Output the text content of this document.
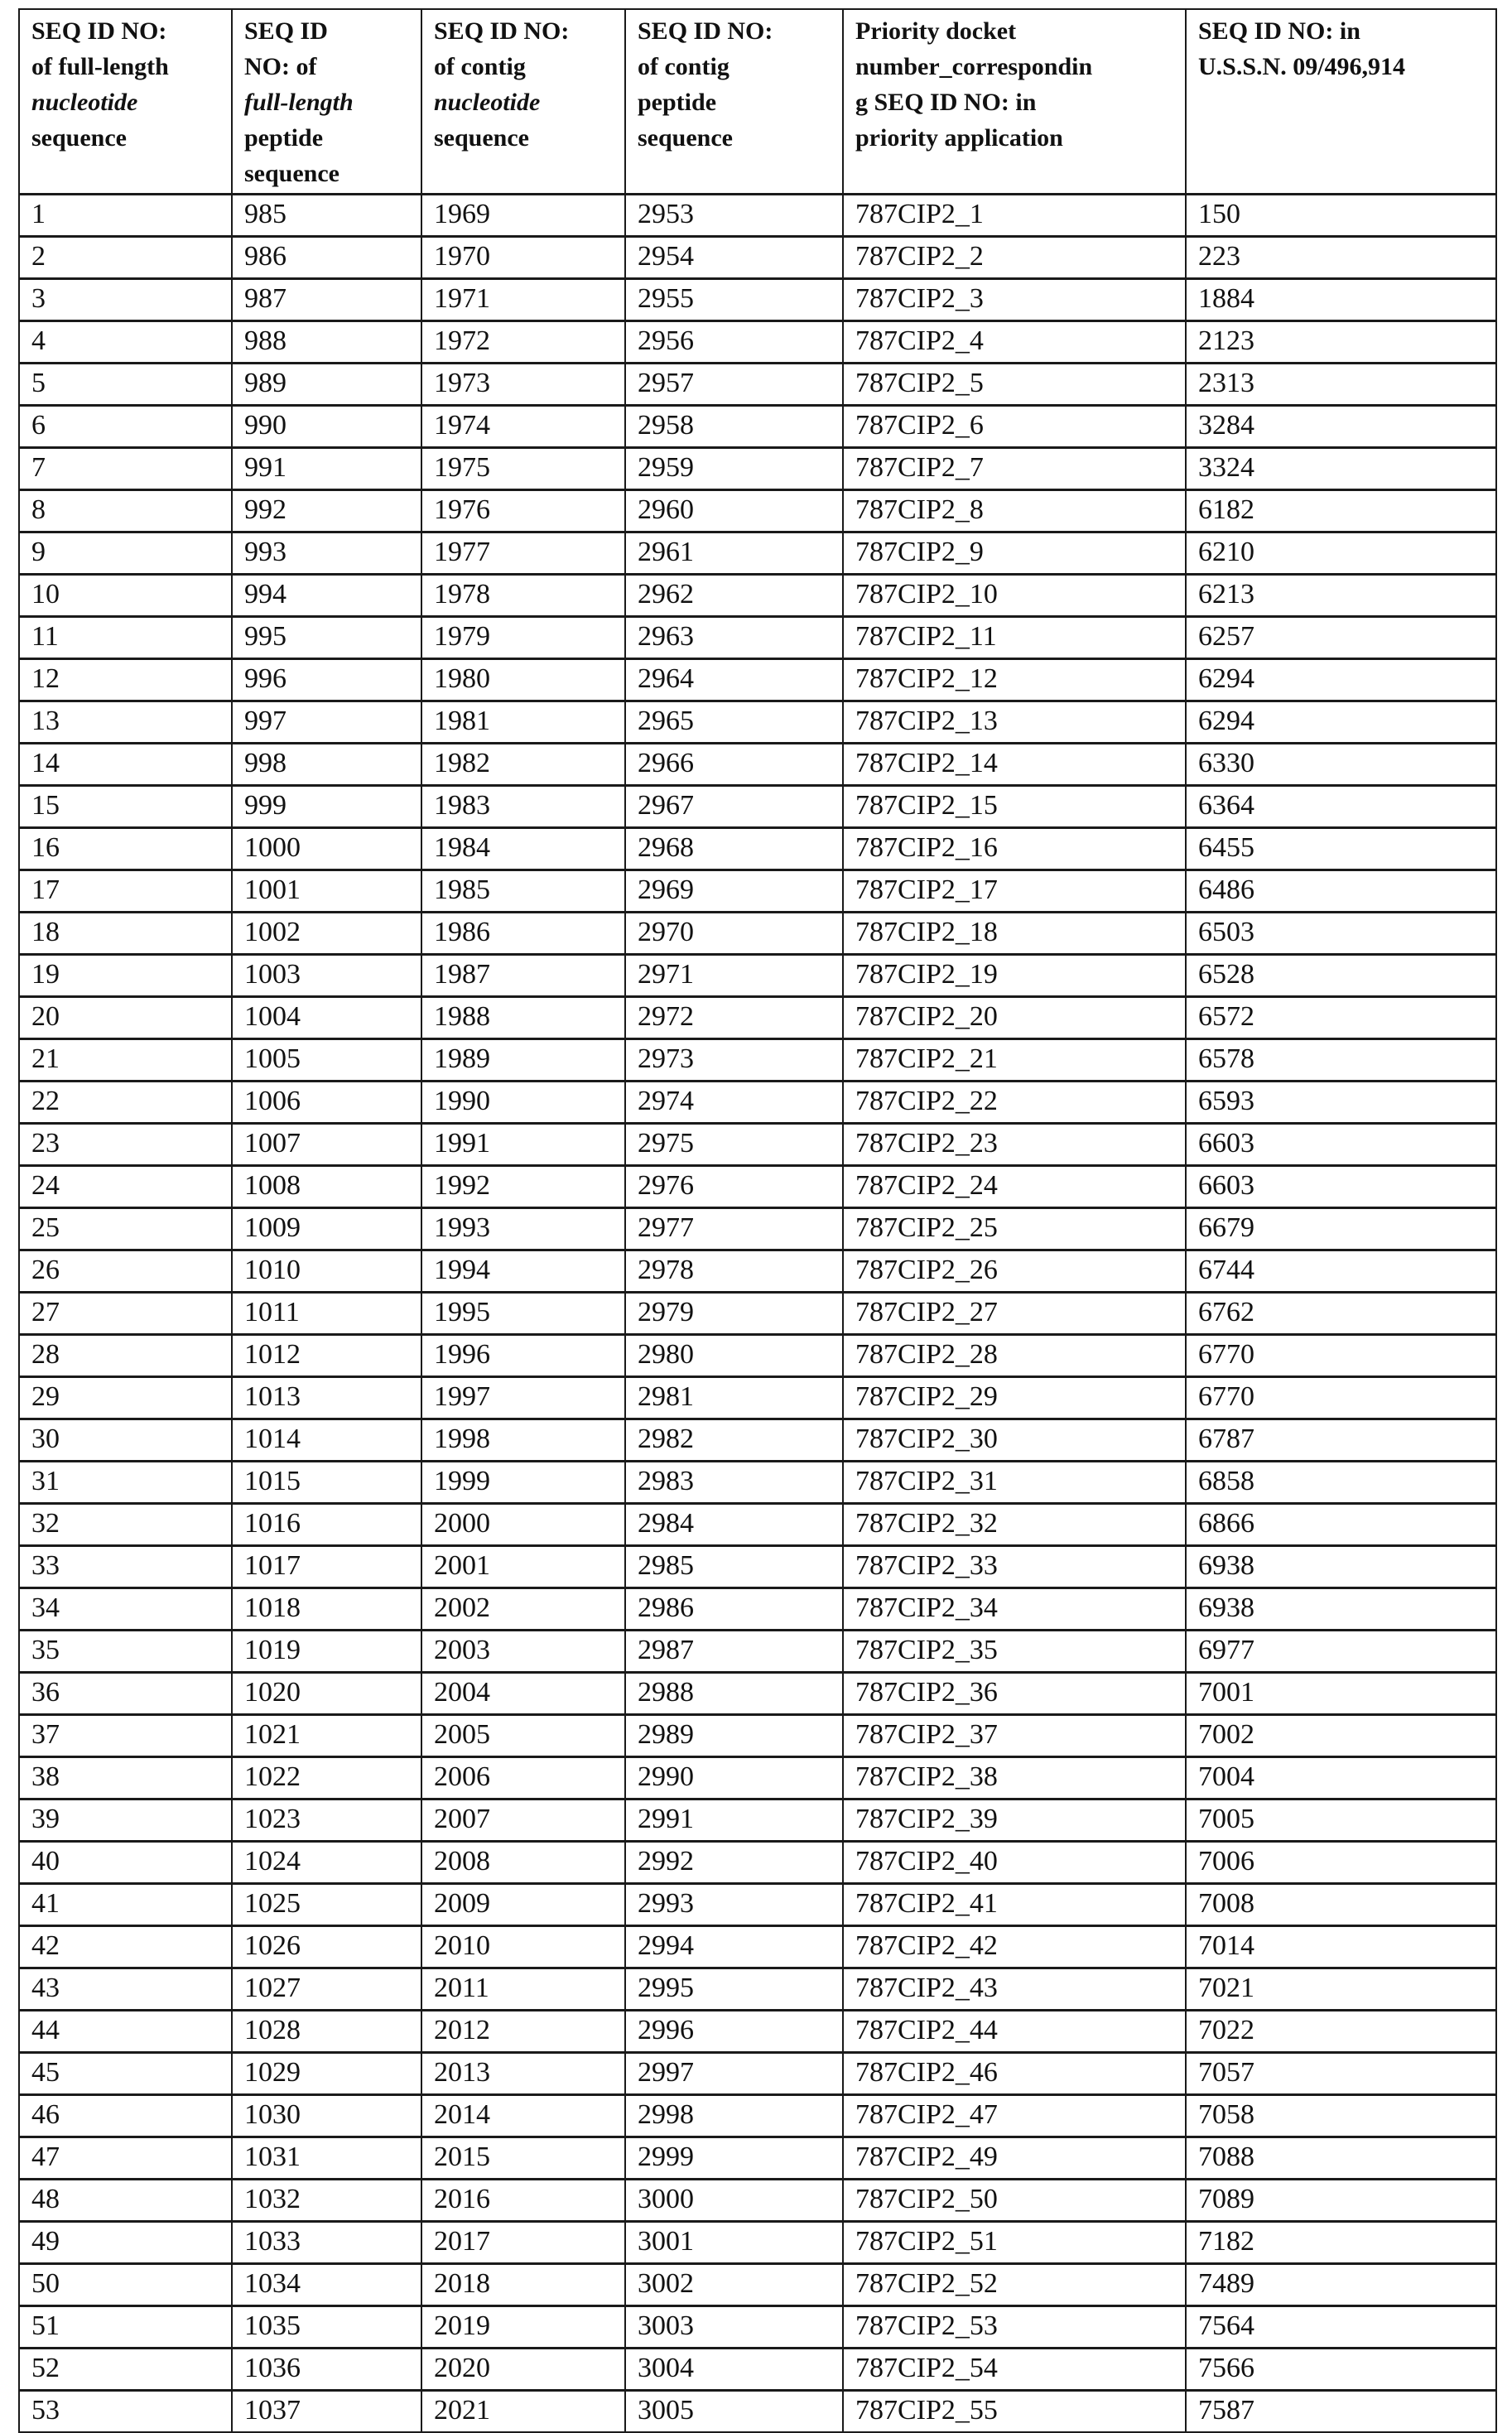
SEQ ID NO:
of full-length
nucleotide
sequence

SEQ ID
NO: of
full-length
peptide
sequence

SEQ ID NO:
of contig
nucleotide
sequence

SEQ ID NO:
of contig
peptide
sequence

Priority docket
number_correspondin
g SEQ ID NO: in
priority application

SEQ ID NO: in
U.S.S.N. 09/496,914

1	985	1969	2953	787CIP2_1	150
2	986	1970	2954	787CIP2_2	223
3	987	1971	2955	787CIP2_3	1884
4	988	1972	2956	787CIP2_4	2123
5	989	1973	2957	787CIP2_5	2313
6	990	1974	2958	787CIP2_6	3284
7	991	1975	2959	787CIP2_7	3324
8	992	1976	2960	787CIP2_8	6182
9	993	1977	2961	787CIP2_9	6210
10	994	1978	2962	787CIP2_10	6213
11	995	1979	2963	787CIP2_11	6257
12	996	1980	2964	787CIP2_12	6294
13	997	1981	2965	787CIP2_13	6294
14	998	1982	2966	787CIP2_14	6330
15	999	1983	2967	787CIP2_15	6364
16	1000	1984	2968	787CIP2_16	6455
17	1001	1985	2969	787CIP2_17	6486
18	1002	1986	2970	787CIP2_18	6503
19	1003	1987	2971	787CIP2_19	6528
20	1004	1988	2972	787CIP2_20	6572
21	1005	1989	2973	787CIP2_21	6578
22	1006	1990	2974	787CIP2_22	6593
23	1007	1991	2975	787CIP2_23	6603
24	1008	1992	2976	787CIP2_24	6603
25	1009	1993	2977	787CIP2_25	6679
26	1010	1994	2978	787CIP2_26	6744
27	1011	1995	2979	787CIP2_27	6762
28	1012	1996	2980	787CIP2_28	6770
29	1013	1997	2981	787CIP2_29	6770
30	1014	1998	2982	787CIP2_30	6787
31	1015	1999	2983	787CIP2_31	6858
32	1016	2000	2984	787CIP2_32	6866
33	1017	2001	2985	787CIP2_33	6938
34	1018	2002	2986	787CIP2_34	6938
35	1019	2003	2987	787CIP2_35	6977
36	1020	2004	2988	787CIP2_36	7001
37	1021	2005	2989	787CIP2_37	7002
38	1022	2006	2990	787CIP2_38	7004
39	1023	2007	2991	787CIP2_39	7005
40	1024	2008	2992	787CIP2_40	7006
41	1025	2009	2993	787CIP2_41	7008
42	1026	2010	2994	787CIP2_42	7014
43	1027	2011	2995	787CIP2_43	7021
44	1028	2012	2996	787CIP2_44	7022
45	1029	2013	2997	787CIP2_46	7057
46	1030	2014	2998	787CIP2_47	7058
47	1031	2015	2999	787CIP2_49	7088
48	1032	2016	3000	787CIP2_50	7089
49	1033	2017	3001	787CIP2_51	7182
50	1034	2018	3002	787CIP2_52	7489
51	1035	2019	3003	787CIP2_53	7564
52	1036	2020	3004	787CIP2_54	7566
53	1037	2021	3005	787CIP2_55	7587
